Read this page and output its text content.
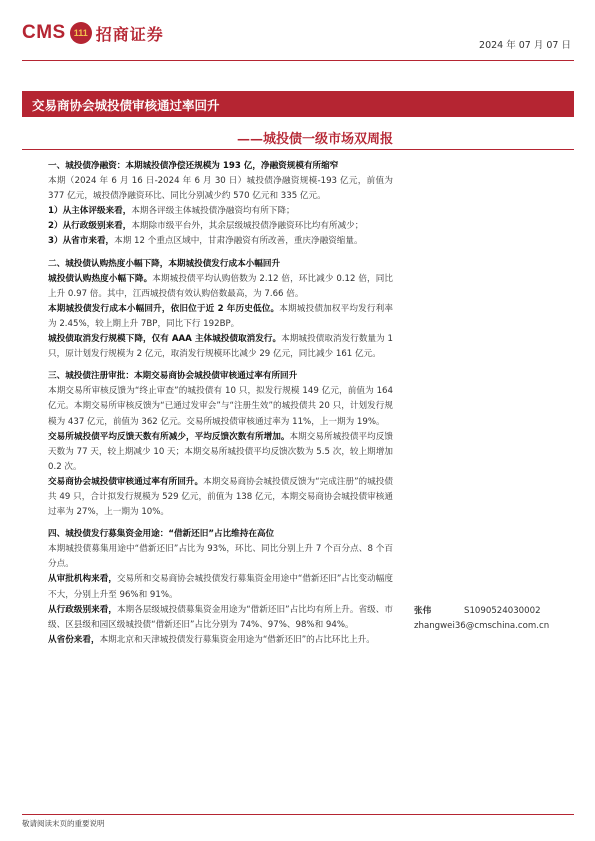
CMS 111 招商证券
2024 年 07 月 07 日
交易商协会城投债审核通过率回升
——城投债一级市场双周报

一、城投债净融资：本期城投债净偿还规模为 193 亿，净融资规模有所缩窄

本期（2024 年 6 月 16 日-2024 年 6 月 30 日）城投债净融资规模-193 亿元，前值为 377 亿元，城投债净融资环比、同比分别减少约 570 亿元和 335 亿元。

1）从主体评级来看，本期各评级主体城投债净融资均有所下降；

2）从行政级别来看，本期除市级平台外，其余层级城投债净融资环比均有所减少；

3）从省市来看，本期 12 个重点区域中，甘肃净融资有所改善，重庆净融资缩量。

二、城投债认购热度小幅下降，本期城投债发行成本小幅回升

城投债认购热度小幅下降。本期城投债平均认购倍数为 2.12 倍，环比减少 0.12 倍，同比上升 0.97 倍。其中，江西城投债有效认购倍数最高，为 7.66 倍。

本期城投债发行成本小幅回升，依旧位于近 2 年历史低位。本期城投债加权平均发行利率为 2.45%，较上期上升 7BP，同比下行 192BP。

城投债取消发行规模下降，仅有 AAA 主体城投债取消发行。本期城投债取消发行数量为 1 只，原计划发行规模为 2 亿元，取消发行规模环比减少 29 亿元，同比减少 161 亿元。

三、城投债注册审批：本期交易商协会城投债审核通过率有所回升

本期交易所审核反馈为“终止审查”的城投债有 10 只，拟发行规模 149 亿元，前值为 164 亿元。本期交易所审核反馈为“已通过发审会”与“注册生效”的城投债共 20 只，计划发行规模为 437 亿元，前值为 362 亿元。交易所城投债审核通过率为 11%，上一期为 19%。

交易所城投债平均反馈天数有所减少，平均反馈次数有所增加。本期交易所城投债平均反馈天数为 77 天，较上期减少 10 天；本期交易所城投债平均反馈次数为 5.5 次，较上期增加 0.2 次。

交易商协会城投债审核通过率有所回升。本期交易商协会城投债反馈为“完成注册”的城投债共 49 只，合计拟发行规模为 529 亿元，前值为 138 亿元，本期交易商协会城投债审核通过率为 27%，上一期为 10%。

四、城投债发行募集资金用途：“借新还旧”占比维持在高位

本期城投债募集用途中“借新还旧”占比为 93%，环比、同比分别上升 7 个百分点、8 个百分点。

从审批机构来看，交易所和交易商协会城投债发行募集资金用途中“借新还旧”占比变动幅度不大，分别上升至 96%和 91%。

从行政级别来看，本期各层级城投债募集资金用途为“借新还旧”占比均有所上升。省级、市级、区县级和园区级城投债“借新还旧”占比分别为 74%、97%、98%和 94%。

从省份来看，本期北京和天津城投债发行募集资金用途为“借新还旧”的占比环比上升。

张伟	S1090524030002
zhangwei36@cmschina.com.cn
敬请阅读末页的重要说明
